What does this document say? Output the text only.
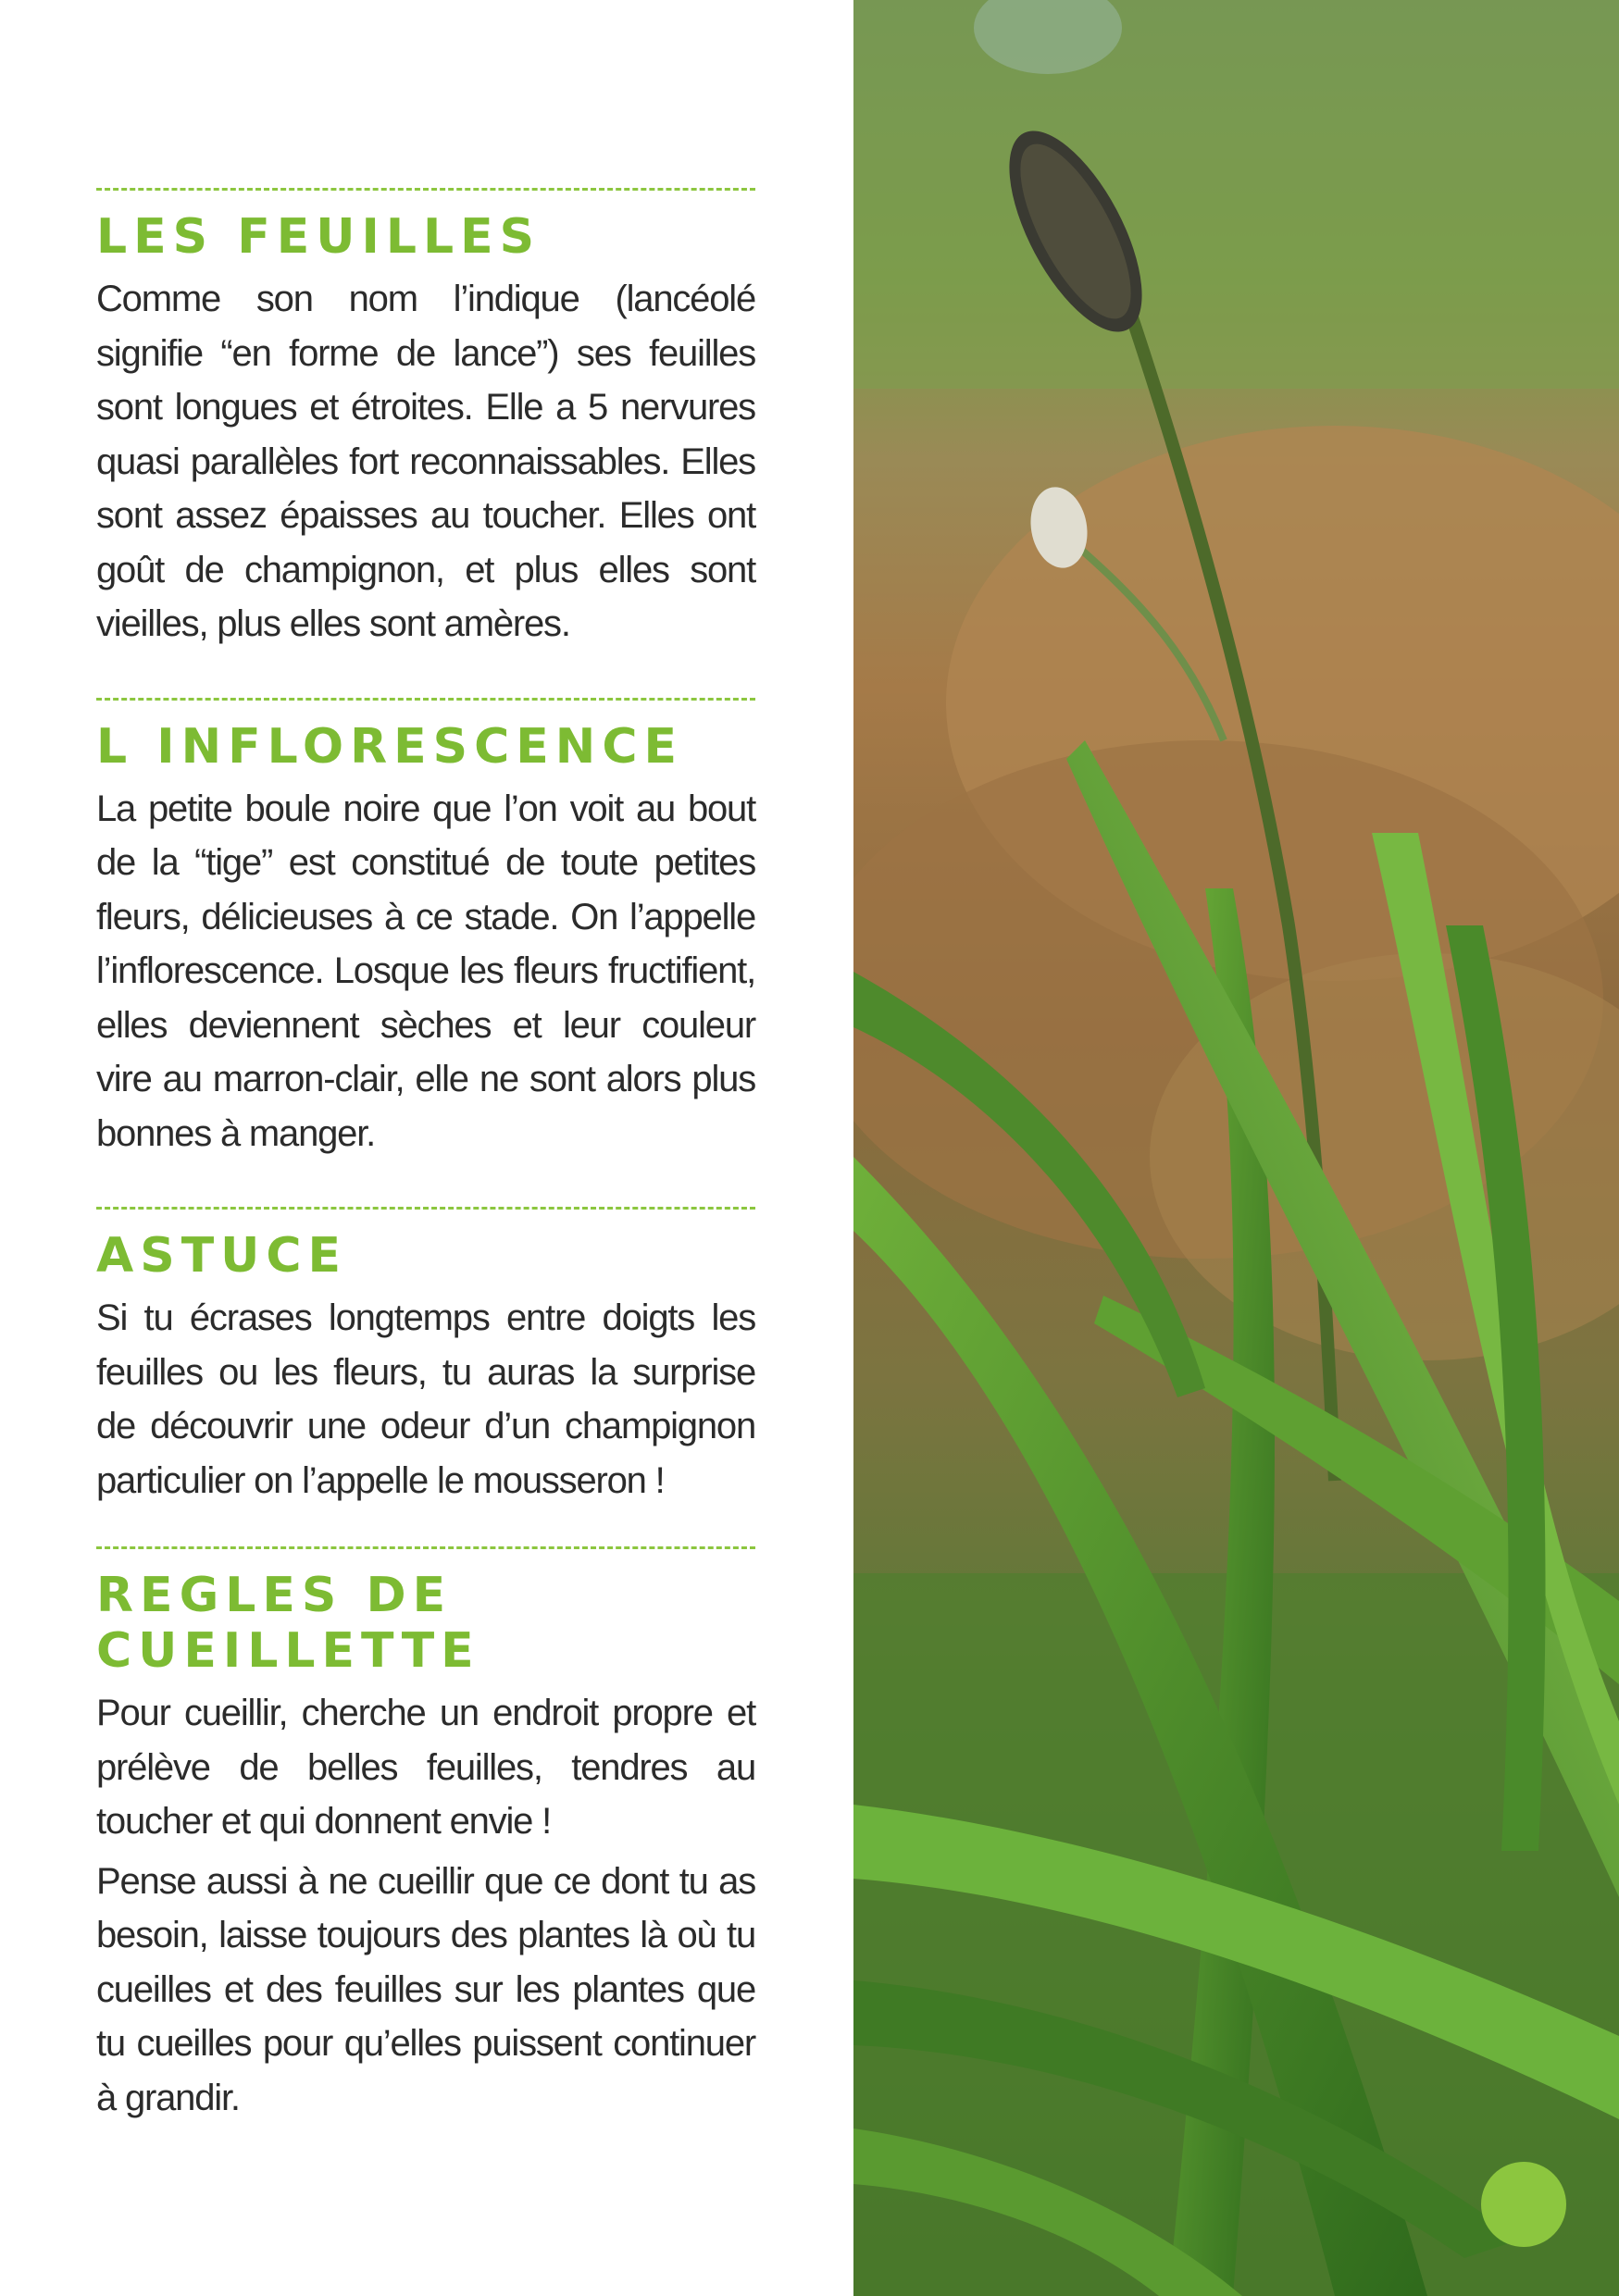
LES FEUILLES

Comme son nom l’indique (lancéolé signifie “en forme de lance”) ses feuilles sont longues et étroites. Elle a 5 nervures quasi parallèles fort reconnaissables. Elles sont assez épaisses au toucher. Elles ont goût de champignon, et plus elles sont vieilles, plus elles sont amères.

L INFLORESCENCE

La petite boule noire que l’on voit au bout de la “tige” est constitué de toute petites fleurs, délicieuses à ce stade. On l’appelle l’inflorescence. Losque les fleurs fructifient, elles deviennent sèches et leur couleur vire au marron-clair, elle ne sont alors plus bonnes à manger.

ASTUCE

Si tu écrases longtemps entre doigts les feuilles ou les fleurs, tu auras la surprise de découvrir une odeur d’un champignon particulier on l’appelle le mousseron !

REGLES DE CUEILLETTE

Pour cueillir, cherche un endroit propre et prélève de belles feuilles, tendres au toucher et qui donnent envie !

Pense aussi à ne cueillir que ce dont tu as besoin, laisse toujours des plantes là où tu cueilles et des feuilles sur les plantes que tu cueilles pour qu’elles puissent continuer à grandir.
